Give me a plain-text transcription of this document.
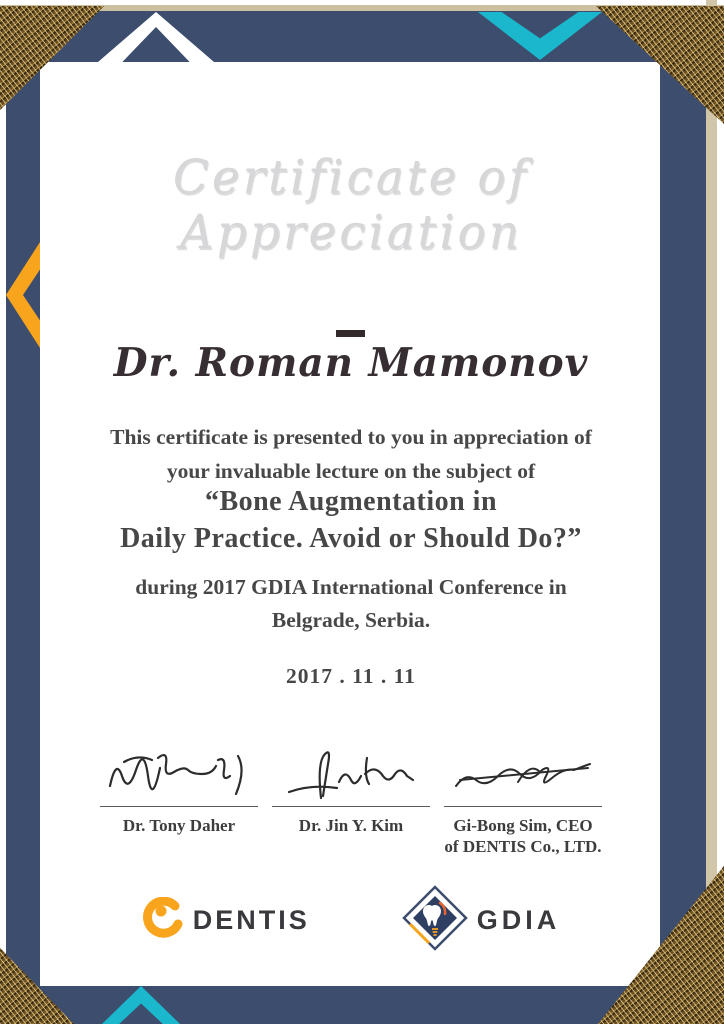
Certificate of Appreciation
Dr. Roman Mamonov
This certificate is presented to you in appreciation of
your invaluable lecture on the subject of
“Bone Augmentation in
Daily Practice. Avoid or Should Do?”
during 2017 GDIA International Conference in
Belgrade, Serbia.
2017 . 11 . 11
Dr. Tony Daher	Dr. Jin Y. Kim	Gi-Bong Sim, CEO
of DENTIS Co., LTD.
DENTIS	GDIA
